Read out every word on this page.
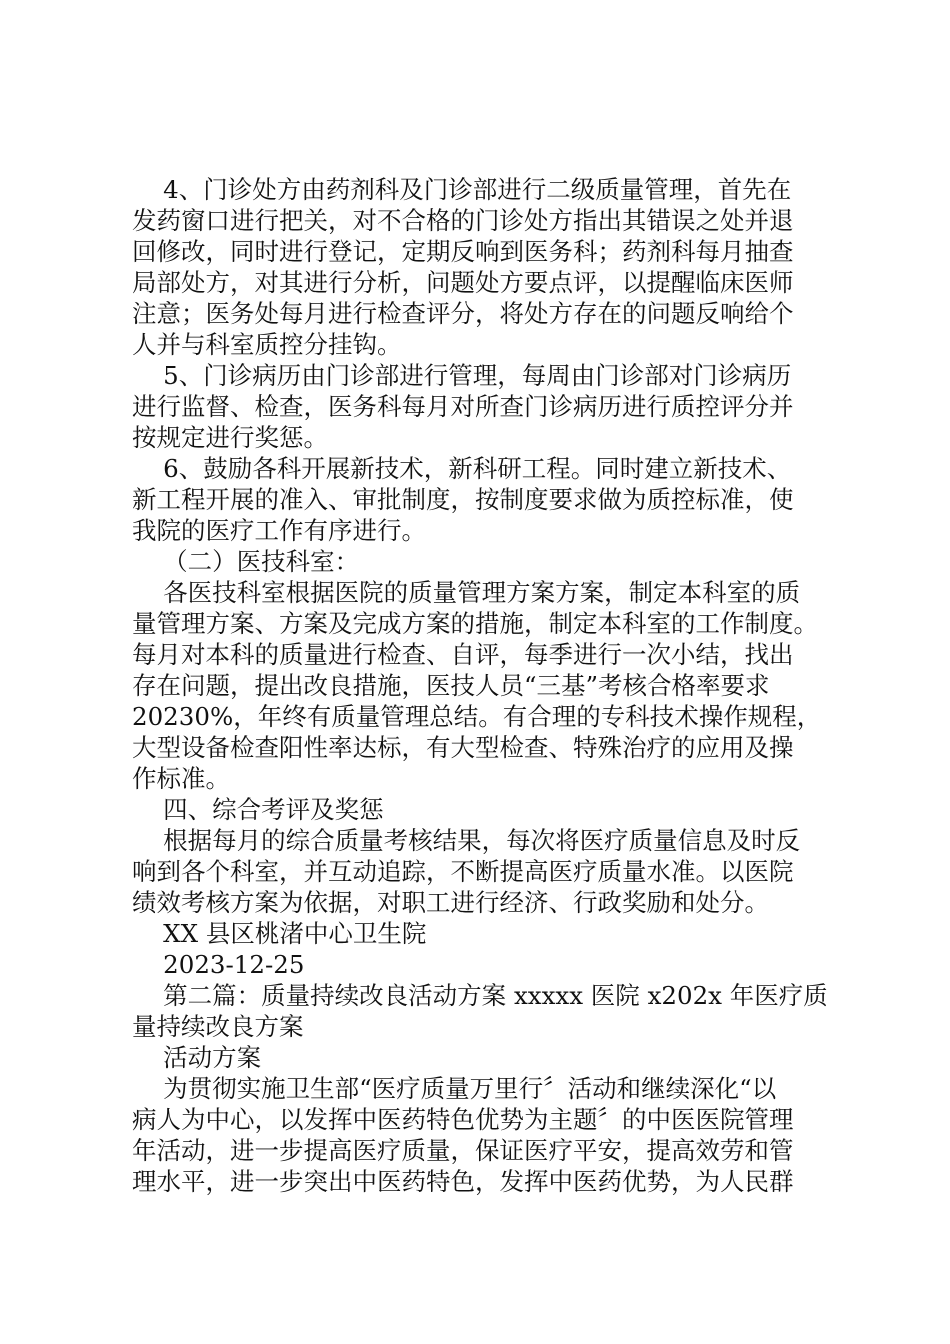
4、门诊处方由药剂科及门诊部进行二级质量管理，首先在

发药窗口进行把关，对不合格的门诊处方指出其错误之处并退

回修改，同时进行登记，定期反响到医务科；药剂科每月抽查

局部处方，对其进行分析，问题处方要点评，以提醒临床医师

注意；医务处每月进行检查评分，将处方存在的问题反响给个

人并与科室质控分挂钩。

5、门诊病历由门诊部进行管理，每周由门诊部对门诊病历

进行监督、检查，医务科每月对所查门诊病历进行质控评分并

按规定进行奖惩。

6、鼓励各科开展新技术，新科研工程。同时建立新技术、

新工程开展的准入、审批制度，按制度要求做为质控标准，使

我院的医疗工作有序进行。

（二）医技科室：

各医技科室根据医院的质量管理方案方案，制定本科室的质

量管理方案、方案及完成方案的措施，制定本科室的工作制度。

每月对本科的质量进行检查、自评，每季进行一次小结，找出

存在问题，提出改良措施，医技人员“三基”考核合格率要求

20230%，年终有质量管理总结。有合理的专科技术操作规程，

大型设备检查阳性率达标，有大型检查、特殊治疗的应用及操

作标准。

四、综合考评及奖惩

根据每月的综合质量考核结果，每次将医疗质量信息及时反

响到各个科室，并互动追踪，不断提高医疗质量水准。以医院

绩效考核方案为依据，对职工进行经济、行政奖励和处分。

XX 县区桃渚中心卫生院

2023-12-25

第二篇：质量持续改良活动方案 xxxxx 医院 x202x 年医疗质

量持续改良方案

活动方案

为贯彻实施卫生部“医疗质量万里行〞活动和继续深化“以

病人为中心，以发挥中医药特色优势为主题〞的中医医院管理

年活动，进一步提高医疗质量，保证医疗平安，提高效劳和管

理水平，进一步突出中医药特色，发挥中医药优势，为人民群
